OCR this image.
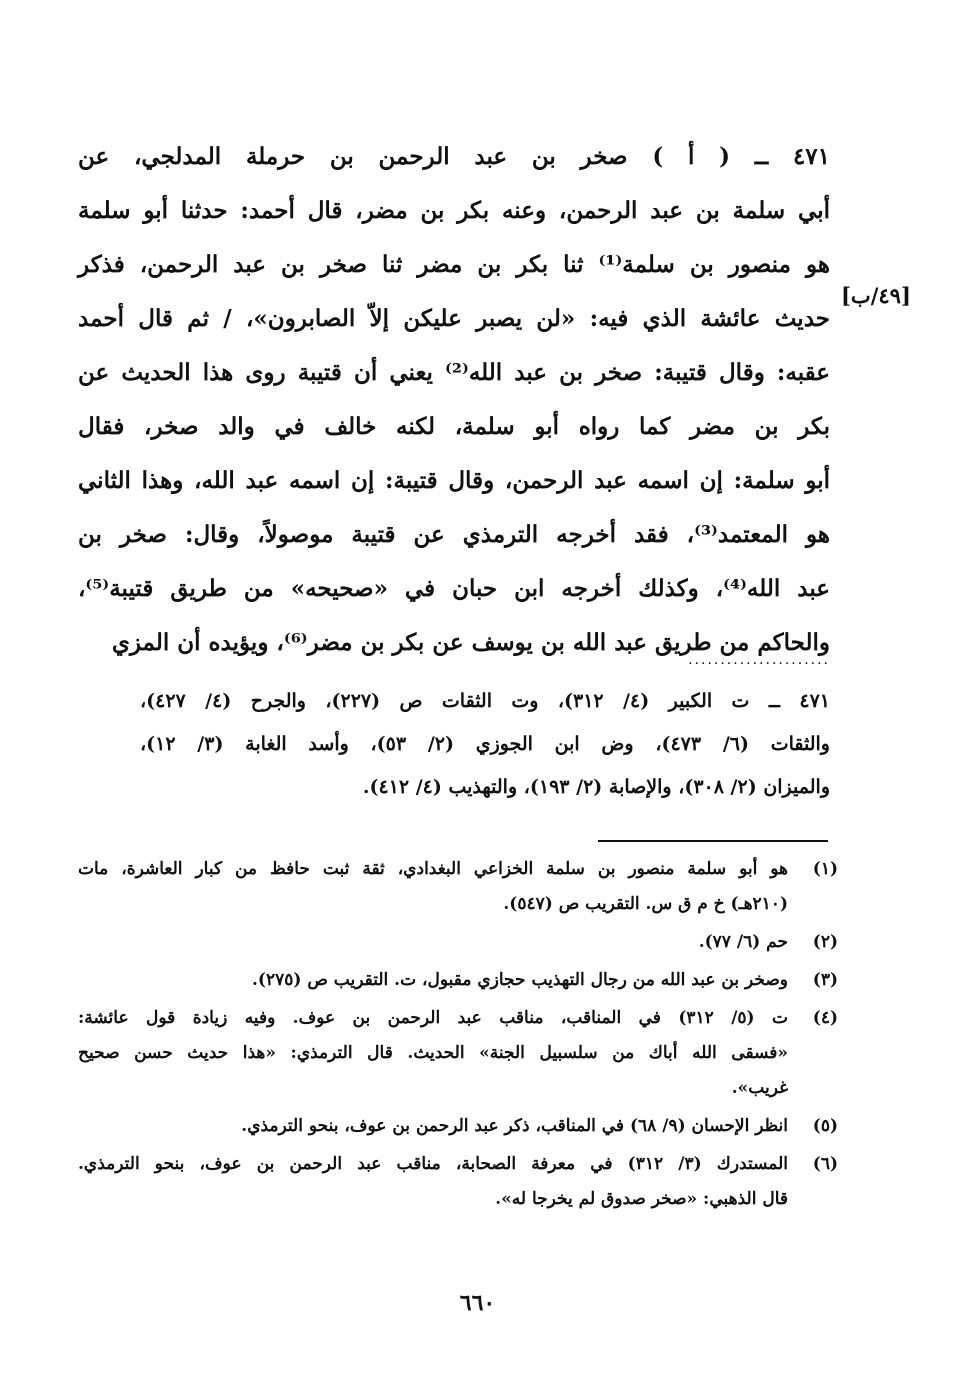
٤٧١ ــ ( أ ) صخر بن عبد الرحمن بن حرملة المدلجي، عن
أبي سلمة بن عبد الرحمن، وعنه بكر بن مضر، قال أحمد: حدثنا أبو سلمة
هو منصور بن سلمة⁽¹⁾ ثنا بكر بن مضر ثنا صخر بن عبد الرحمن، فذكر
حديث عائشة الذي فيه: «لن يصبر عليكن إلاّ الصابرون»، / ثم قال أحمد
عقبه: وقال قتيبة: صخر بن عبد الله⁽²⁾ يعني أن قتيبة روى هذا الحديث عن
بكر بن مضر كما رواه أبو سلمة، لكنه خالف في والد صخر، فقال
أبو سلمة: إن اسمه عبد الرحمن، وقال قتيبة: إن اسمه عبد الله، وهذا الثاني
هو المعتمد⁽³⁾، فقد أخرجه الترمذي عن قتيبة موصولاً، وقال: صخر بن
عبد الله⁽⁴⁾، وكذلك أخرجه ابن حبان في «صحيحه» من طريق قتيبة⁽⁵⁾،
والحاكم من طريق عبد الله بن يوسف عن بكر بن مضر⁽⁶⁾، ويؤيده أن المزي
[٤٩/ب]
......................
٤٧١ ــ ت الكبير (٤/ ٣١٢)، وت الثقات ص (٢٢٧)، والجرح (٤/ ٤٢٧)،
والثقات (٦/ ٤٧٣)، وض ابن الجوزي (٢/ ٥٣)، وأسد الغابة (٣/ ١٢)،
والميزان (٢/ ٣٠٨)، والإصابة (٢/ ١٩٣)، والتهذيب (٤/ ٤١٢).
(١)
هو أبو سلمة منصور بن سلمة الخزاعي البغدادي، ثقة ثبت حافظ من كبار العاشرة، مات
(٢١٠هـ) خ م ق س. التقريب ص (٥٤٧).
(٢)
حم (٦/ ٧٧).
(٣)
وصخر بن عبد الله من رجال التهذيب حجازي مقبول، ت. التقريب ص (٢٧٥).
(٤)
ت (٥/ ٣١٢) في المناقب، مناقب عبد الرحمن بن عوف. وفيه زيادة قول عائشة:
«فسقى الله أباك من سلسبيل الجنة» الحديث. قال الترمذي: «هذا حديث حسن صحيح
غريب».
(٥)
انظر الإحسان (٩/ ٦٨) في المناقب، ذكر عبد الرحمن بن عوف، بنحو الترمذي.
(٦)
المستدرك (٣/ ٣١٢) في معرفة الصحابة، مناقب عبد الرحمن بن عوف، بنحو الترمذي.
قال الذهبي: «صخر صدوق لم يخرجا له».
٦٦٠
